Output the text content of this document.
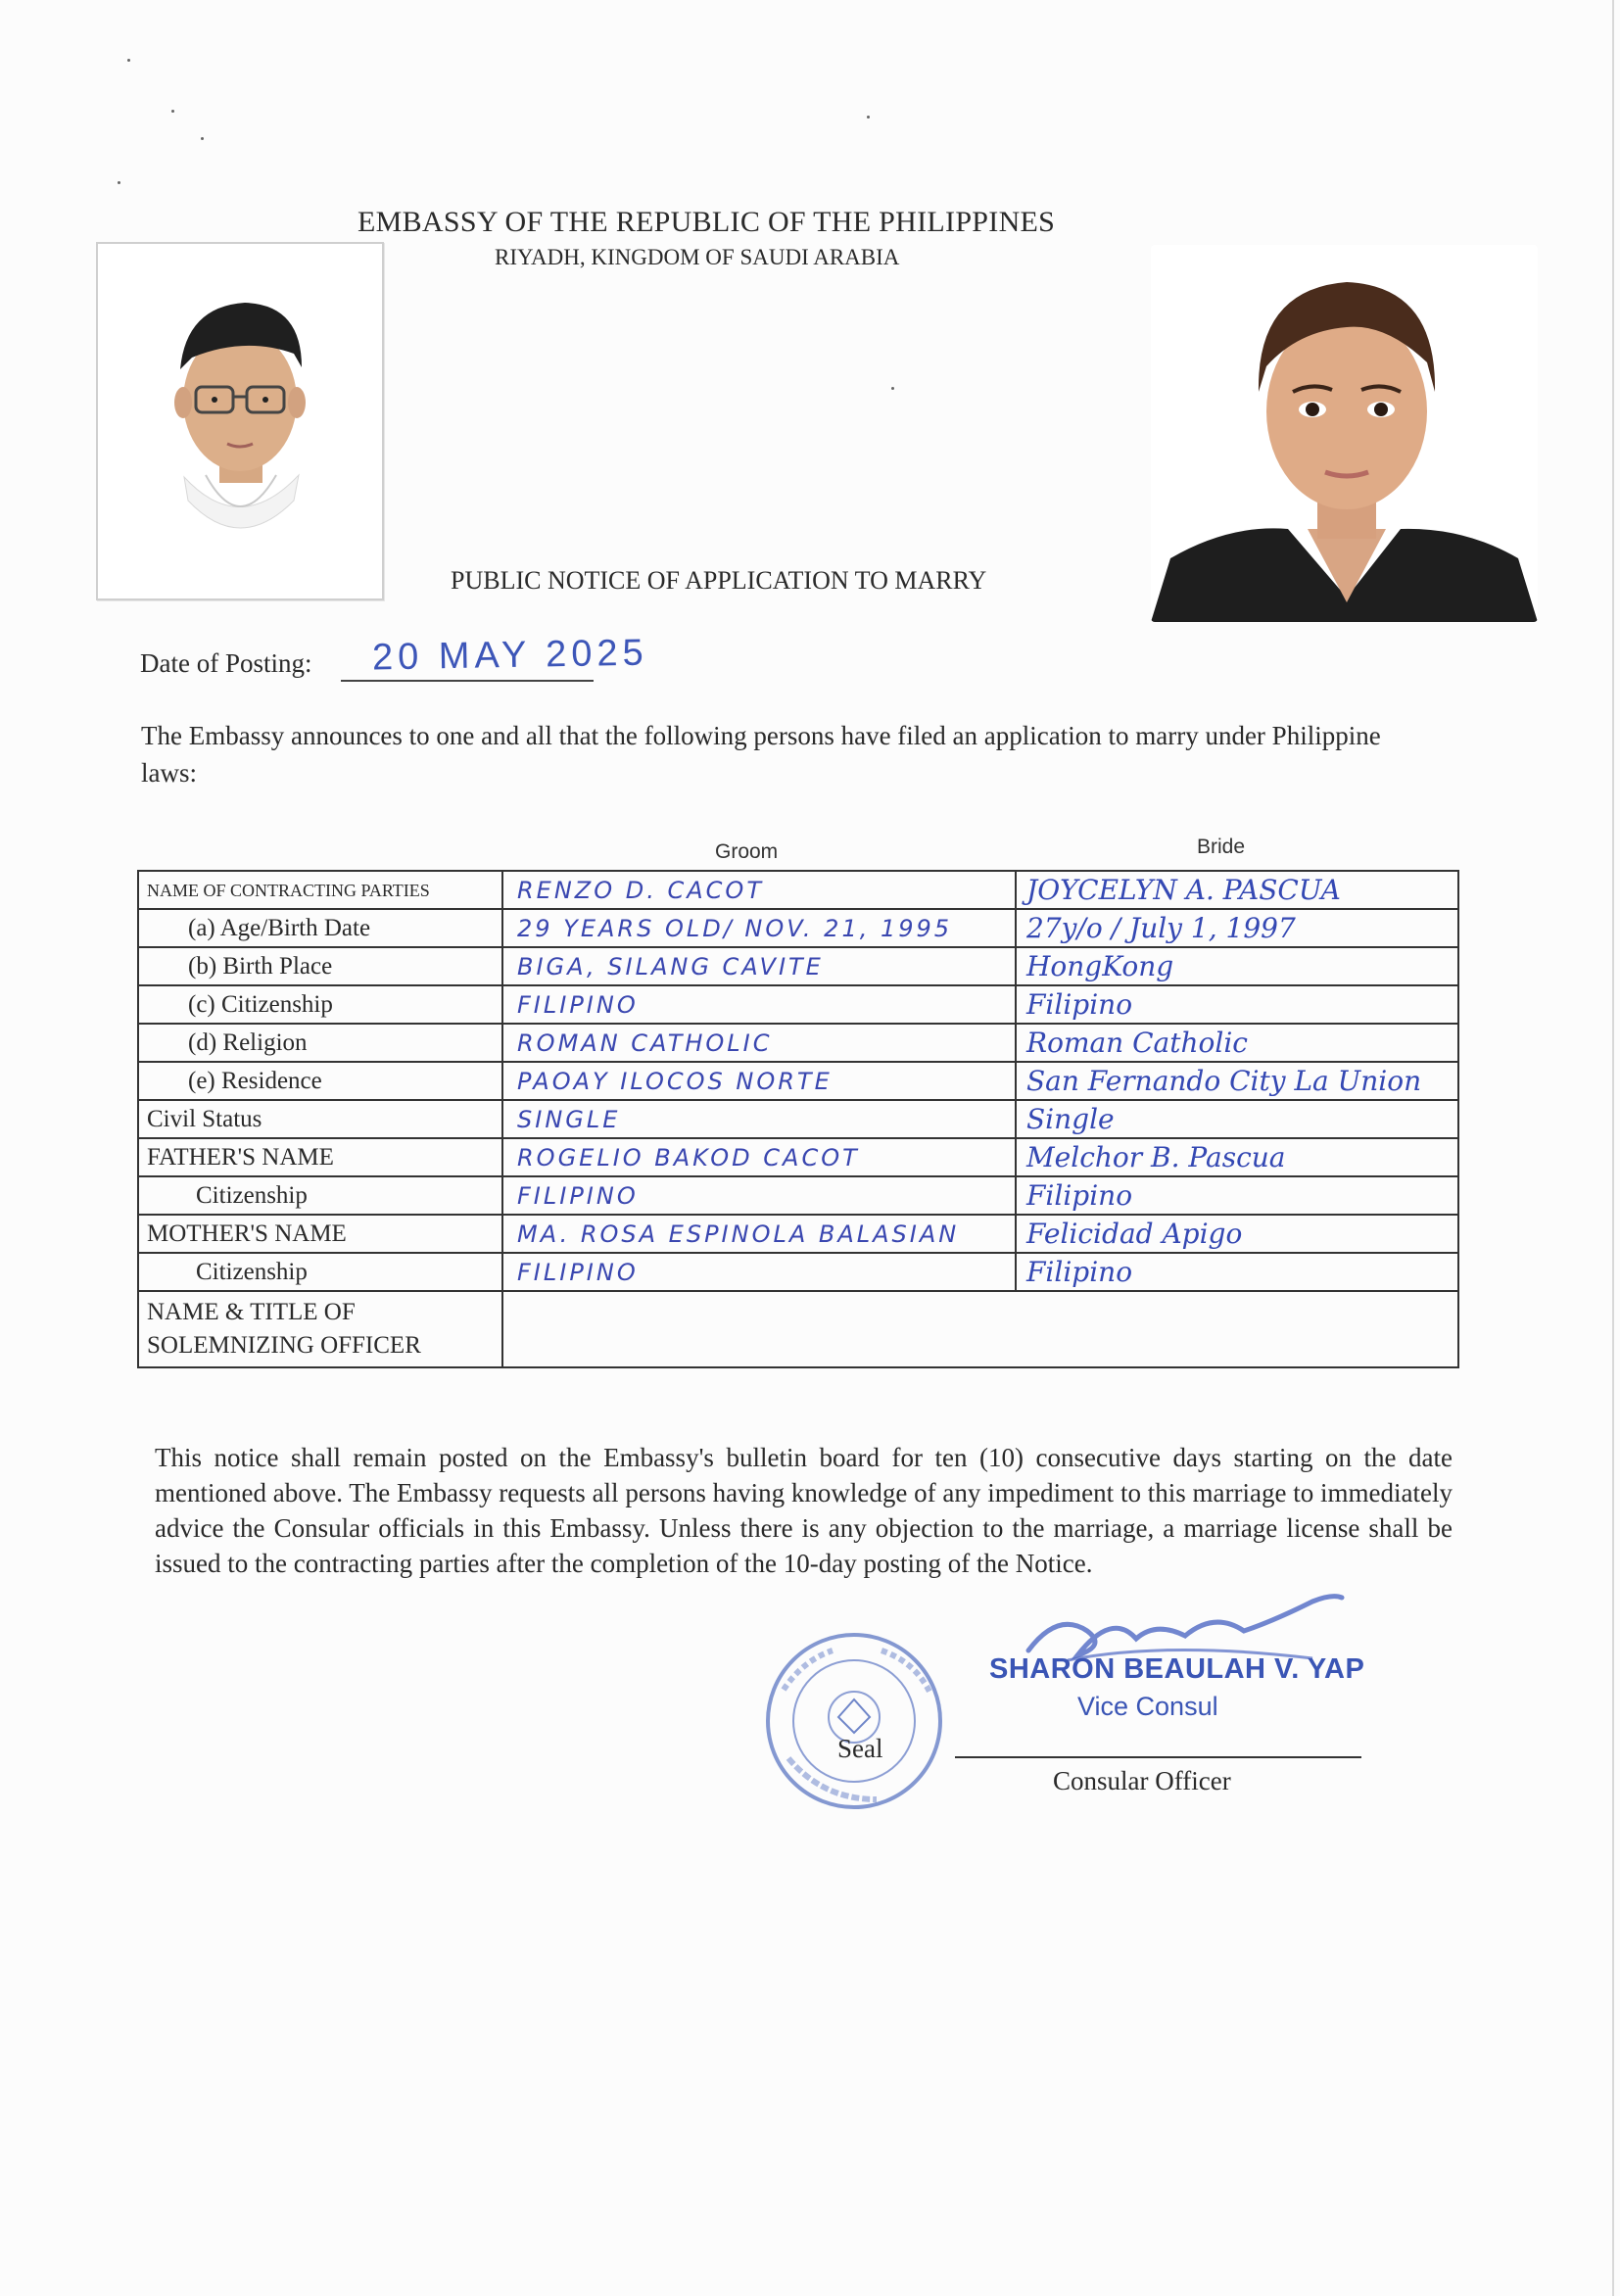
EMBASSY OF THE REPUBLIC OF THE PHILIPPINES
RIYADH, KINGDOM OF SAUDI ARABIA
PUBLIC NOTICE OF APPLICATION TO MARRY
Date of Posting: 20 MAY 2025
The Embassy announces to one and all that the following persons have filed an application to marry under Philippine laws:
Groom	Bride
NAME OF CONTRACTING PARTIES	RENZO D. CACOT	JOYCELYN A. PASCUA
(a) Age/Birth Date	29 YEARS OLD/ NOV. 21, 1995	27y/o / July 1, 1997
(b) Birth Place	BIGA, SILANG CAVITE	HongKong
(c) Citizenship	FILIPINO	Filipino
(d) Religion	ROMAN CATHOLIC	Roman Catholic
(e) Residence	PAOAY ILOCOS NORTE	San Fernando City La Union
Civil Status	SINGLE	Single
FATHER'S NAME	ROGELIO BAKOD CACOT	Melchor B. Pascua
Citizenship	FILIPINO	Filipino
MOTHER'S NAME	MA. ROSA ESPINOLA BALASIAN	Felicidad Apigo
Citizenship	FILIPINO	Filipino

NAME & TITLE OF
SOLEMNIZING OFFICER		

This notice shall remain posted on the Embassy's bulletin board for ten (10) consecutive days starting on the date mentioned above. The Embassy requests all persons having knowledge of any impediment to this marriage to immediately advice the Consular officials in this Embassy. Unless there is any objection to the marriage, a marriage license shall be issued to the contracting parties after the completion of the 10-day posting of the Notice.
Seal
SHARON BEAULAH V. YAP
Vice Consul
Consular Officer
